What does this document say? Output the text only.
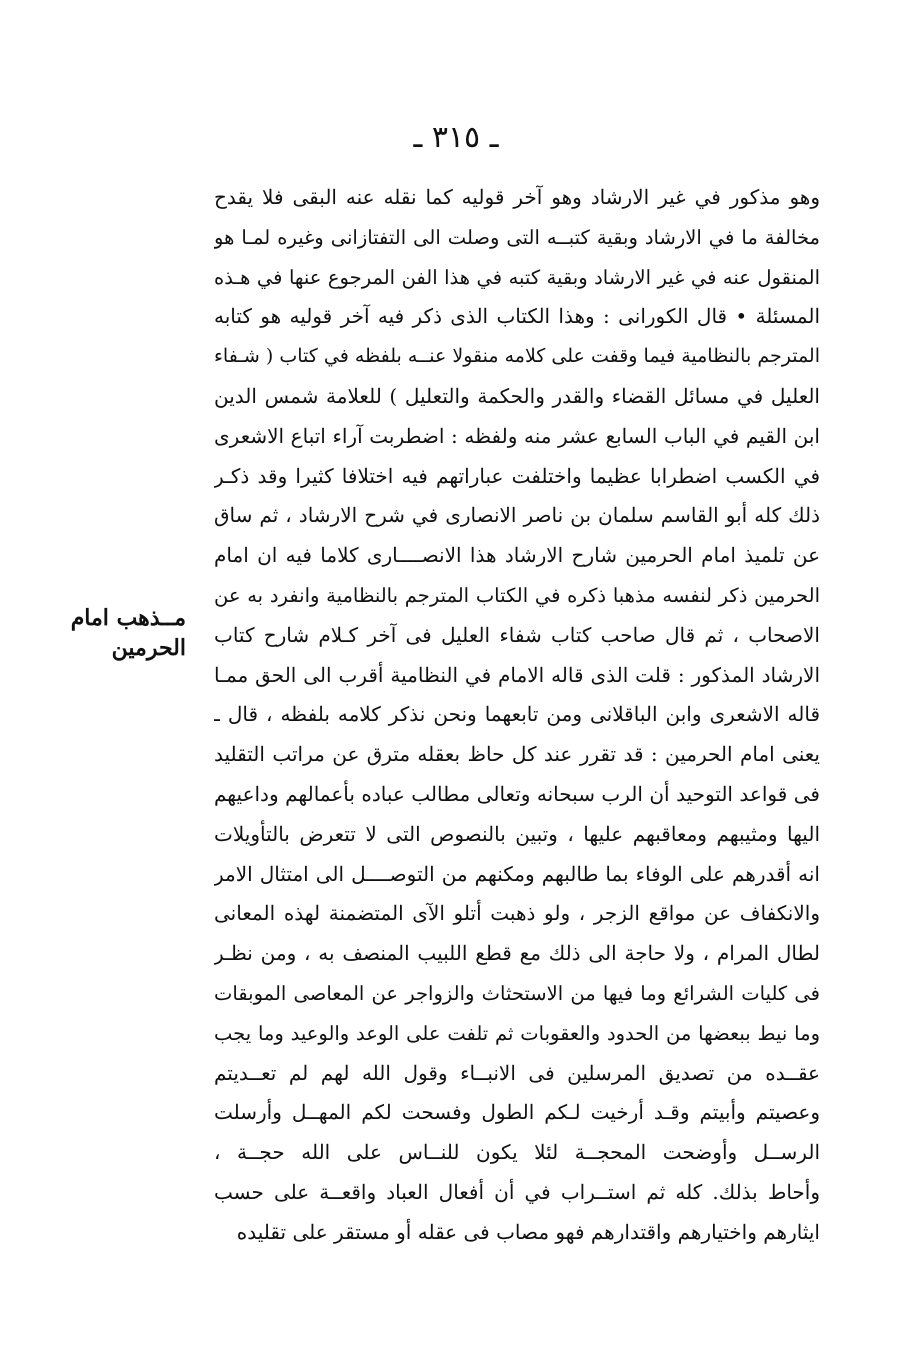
ـ ٣١٥ ـ
مــذهب امام
الحرمين
وهو مذكور في غير الارشاد وهو آخر قوليه كما نقله عنه البقى فلا يقدح
مخالفة ما في الارشاد وبقية كتبــه التى وصلت الى التفتازانى وغيره لمـا هو
المنقول عنه في غير الارشاد وبقية كتبه في هذا الفن المرجوع عنها في هـذه
المسئلة • قال الكورانى : وهذا الكتاب الذى ذكر فيه آخر قوليه هو كتابه
المترجم بالنظامية فيما وقفت على كلامه منقولا عنــه بلفظه في كتاب ( شـفاء
العليل في مسائل القضاء والقدر والحكمة والتعليل ) للعلامة شمس الدين
ابن القيم في الباب السابع عشر منه ولفظه : اضطربت آراء اتباع الاشعرى
في الكسب اضطرابا عظيما واختلفت عباراتهم فيه اختلافا كثيرا وقد ذكـر
ذلك كله أبو القاسم سلمان بن ناصر الانصارى في شرح الارشاد ، ثم ساق
عن تلميذ امام الحرمين شارح الارشاد هذا الانصــــارى كلاما فيه ان امام
الحرمين ذكر لنفسه مذهبا ذكره في الكتاب المترجم بالنظامية وانفرد به عن
الاصحاب ، ثم قال صاحب كتاب شفاء العليل فى آخر كـلام شارح كتاب
الارشاد المذكور : قلت الذى قاله الامام في النظامية أقرب الى الحق ممـا
قاله الاشعرى وابن الباقلانى ومن تابعهما ونحن نذكر كلامه بلفظه ، قال ـ
يعنى امام الحرمين : قد تقرر عند كل حاظ بعقله مترق عن مراتب التقليد
فى قواعد التوحيد أن الرب سبحانه وتعالى مطالب عباده بأعمالهم وداعيهم
اليها ومثيبهم ومعاقبهم عليها ، وتبين بالنصوص التى لا تتعرض بالتأويلات
انه أقدرهم على الوفاء بما طالبهم ومكنهم من التوصــــل الى امتثال الامر
والانكفاف عن مواقع الزجر ، ولو ذهبت أتلو الآى المتضمنة لهذه المعانى
لطال المرام ، ولا حاجة الى ذلك مع قطع اللبيب المنصف به ، ومن نظـر
فى كليات الشرائع وما فيها من الاستحثاث والزواجر عن المعاصى الموبقات
وما نيط ببعضها من الحدود والعقوبات ثم تلفت على الوعد والوعيد وما يجب
عقــده من تصديق المرسلين فى الانبــاء وقول الله لهم لم تعــديتم
وعصيتم وأبيتم وقـد أرخيت لـكم الطول وفسحت لكم المهــل وأرسلت
الرســل وأوضحت المحجــة لئلا يكون للنــاس على الله حجــة ،
وأحاط بذلك. كله ثم استــراب في أن أفعال العباد واقعــة على حسب
ايثارهم واختيارهم واقتدارهم فهو مصاب فى عقله أو مستقر على تقليده
